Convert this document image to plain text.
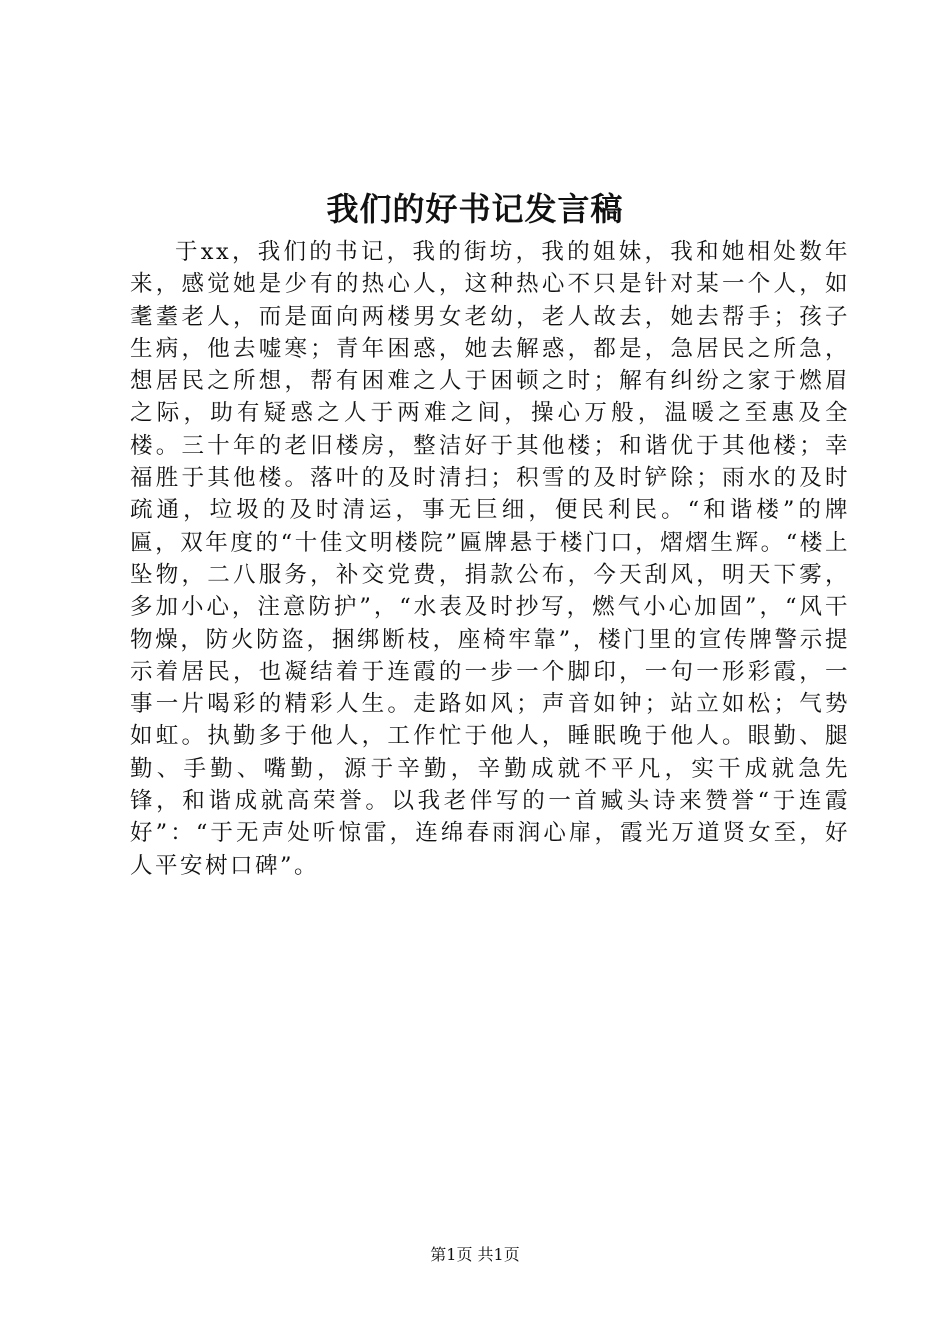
我们的好书记发言稿

于xx，我们的书记，我的街坊，我的姐妹，我和她相处数年来，感觉她是少有的热心人，这种热心不只是针对某一个人，如耄耋老人，而是面向两楼男女老幼，老人故去，她去帮手；孩子生病，他去嘘寒；青年困惑，她去解惑，都是，急居民之所急，想居民之所想，帮有困难之人于困顿之时；解有纠纷之家于燃眉之际，助有疑惑之人于两难之间，操心万般，温暖之至惠及全楼。三十年的老旧楼房，整洁好于其他楼；和谐优于其他楼；幸福胜于其他楼。落叶的及时清扫；积雪的及时铲除；雨水的及时疏通，垃圾的及时清运，事无巨细，便民利民。“和谐楼”的牌匾，双年度的“十佳文明楼院”匾牌悬于楼门口，熠熠生辉。“楼上坠物，二八服务，补交党费，捐款公布，今天刮风，明天下雾，多加小心，注意防护”，“水表及时抄写，燃气小心加固”，“风干物燥，防火防盗，捆绑断枝，座椅牢靠”，楼门里的宣传牌警示提示着居民，也凝结着于连霞的一步一个脚印，一句一形彩霞，一事一片喝彩的精彩人生。走路如风；声音如钟；站立如松；气势如虹。执勤多于他人，工作忙于他人，睡眠晚于他人。眼勤、腿勤、手勤、嘴勤，源于辛勤，辛勤成就不平凡，实干成就急先锋，和谐成就高荣誉。以我老伴写的一首臧头诗来赞誉“于连霞好”：“于无声处听惊雷，连绵春雨润心扉，霞光万道贤女至，好人平安树口碑”。

第1页 共1页
